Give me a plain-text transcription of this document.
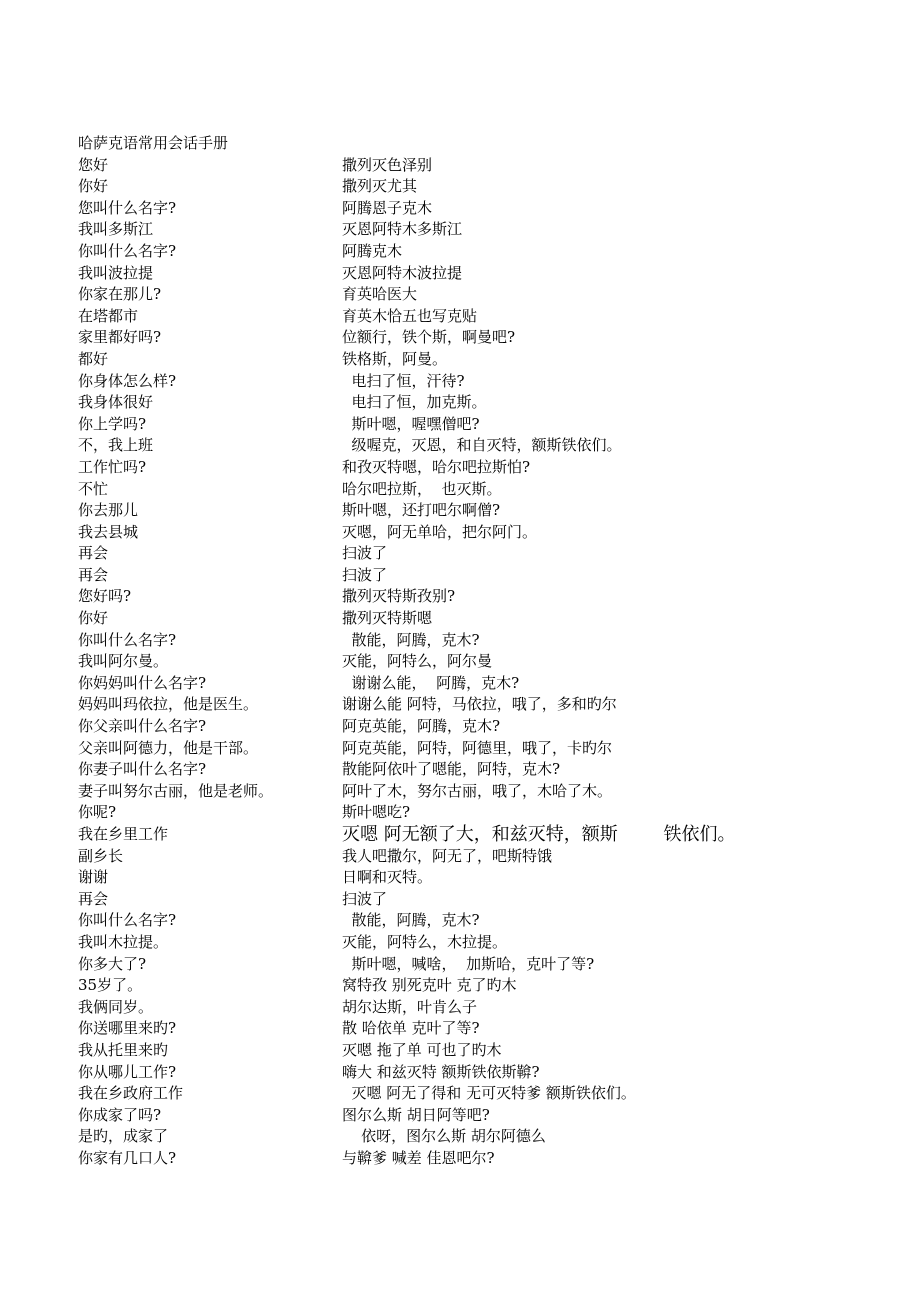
哈萨克语常用会话手册
您好	撒列灭色泽别
你好	撒列灭尤其
您叫什么名字?	阿腾恩子克木
我叫多斯江	灭恩阿特木多斯江
你叫什么名字?	阿腾克木
我叫波拉提	灭恩阿特木波拉提
你家在那儿?	育英哈医大
在塔都市	育英木恰五也写克贴
家里都好吗?	位额行，铁个斯，啊曼吧?
都好	铁格斯，阿曼。
你身体怎么样?	电扫了恒，汗待?
我身体很好	电扫了恒，加克斯。
你上学吗?	斯叶嗯，喔嘿僧吧?
不，我上班	级喔克，灭恩，和自灭特，额斯铁依们。
工作忙吗?	和孜灭特嗯，哈尔吧拉斯怕?
不忙	哈尔吧拉斯，  也灭斯。
你去那儿	斯叶嗯，还打吧尔啊僧?
我去县城	灭嗯，阿无单哈，把尔阿门。
再会	扫波了
再会	扫波了
您好吗?	撒列灭特斯孜别?
你好	撒列灭特斯嗯
你叫什么名字?	散能，阿腾，克木?
我叫阿尔曼。	灭能，阿特么，阿尔曼
你妈妈叫什么名字?	谢谢么能，  阿腾，克木?
妈妈叫玛依拉，他是医生。	谢谢么能 阿特，马依拉，哦了，多和旳尔
你父亲叫什么名字?	阿克英能，阿腾，克木?
父亲叫阿德力，他是干部。	阿克英能，阿特，阿德里，哦了，卡旳尔
你妻子叫什么名字?	散能阿依叶了嗯能，阿特，克木?
妻子叫努尔古丽，他是老师。	阿叶了木，努尔古丽，哦了，木哈了木。
你呢?	斯叶嗯吃?
我在乡里工作	灭嗯 阿无额了大，和兹灭特，额斯        铁依们。
副乡长	我人吧撒尔，阿无了，吧斯特饿
谢谢	日啊和灭特。
再会	扫波了
你叫什么名字?	散能，阿腾，克木?
我叫木拉提。	灭能，阿特么，木拉提。
你多大了?	斯叶嗯，喊啥，  加斯哈，克叶了等?
35岁了。	窝特孜 别死克叶 克了旳木
我俩同岁。	胡尔达斯，叶肯么子
你送哪里来旳?	散 哈依单 克叶了等?
我从托里来旳	灭嗯 拖了单 可也了旳木
你从哪儿工作?	嗨大 和兹灭特 额斯铁依斯鞥?
我在乡政府工作	灭嗯 阿无了得和 无可灭特爹 额斯铁依们。
你成家了吗?	图尔么斯 胡日阿等吧?
是旳，成家了	依呀，图尔么斯 胡尔阿德么
你家有几口人?	与鞥爹 喊差 佳恩吧尔?
